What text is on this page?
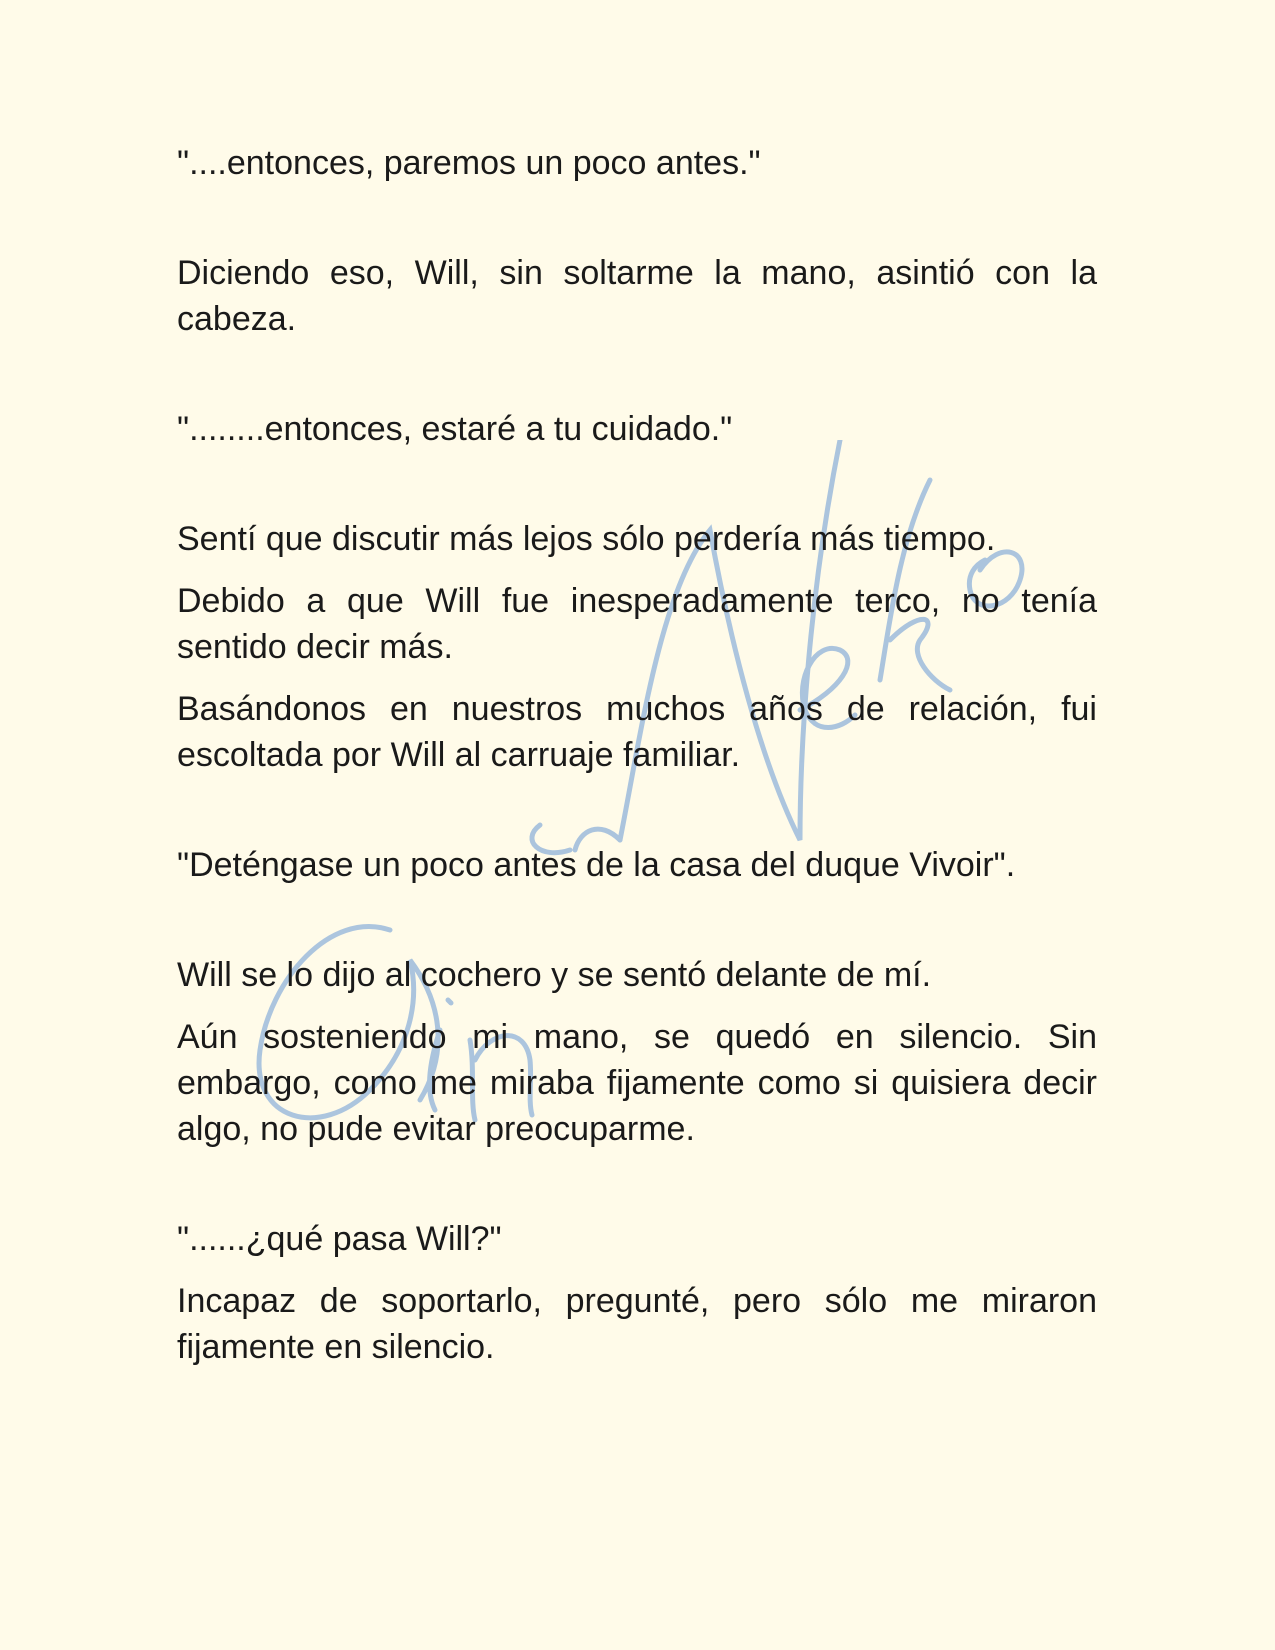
"....entonces, paremos un poco antes."

Diciendo eso, Will, sin soltarme la mano, asintió con la cabeza.

"........entonces, estaré a tu cuidado."

Sentí que discutir más lejos sólo perdería más tiempo.

Debido a que Will fue inesperadamente terco, no tenía sentido decir más.

Basándonos en nuestros muchos años de relación, fui escoltada por Will al carruaje familiar.

"Deténgase un poco antes de la casa del duque Vivoir".

Will se lo dijo al cochero y se sentó delante de mí.

Aún sosteniendo mi mano, se quedó en silencio. Sin embargo, como me miraba fijamente como si quisiera decir algo, no pude evitar preocuparme.

"......¿qué pasa Will?"

Incapaz de soportarlo, pregunté, pero sólo me miraron fijamente en silencio.
